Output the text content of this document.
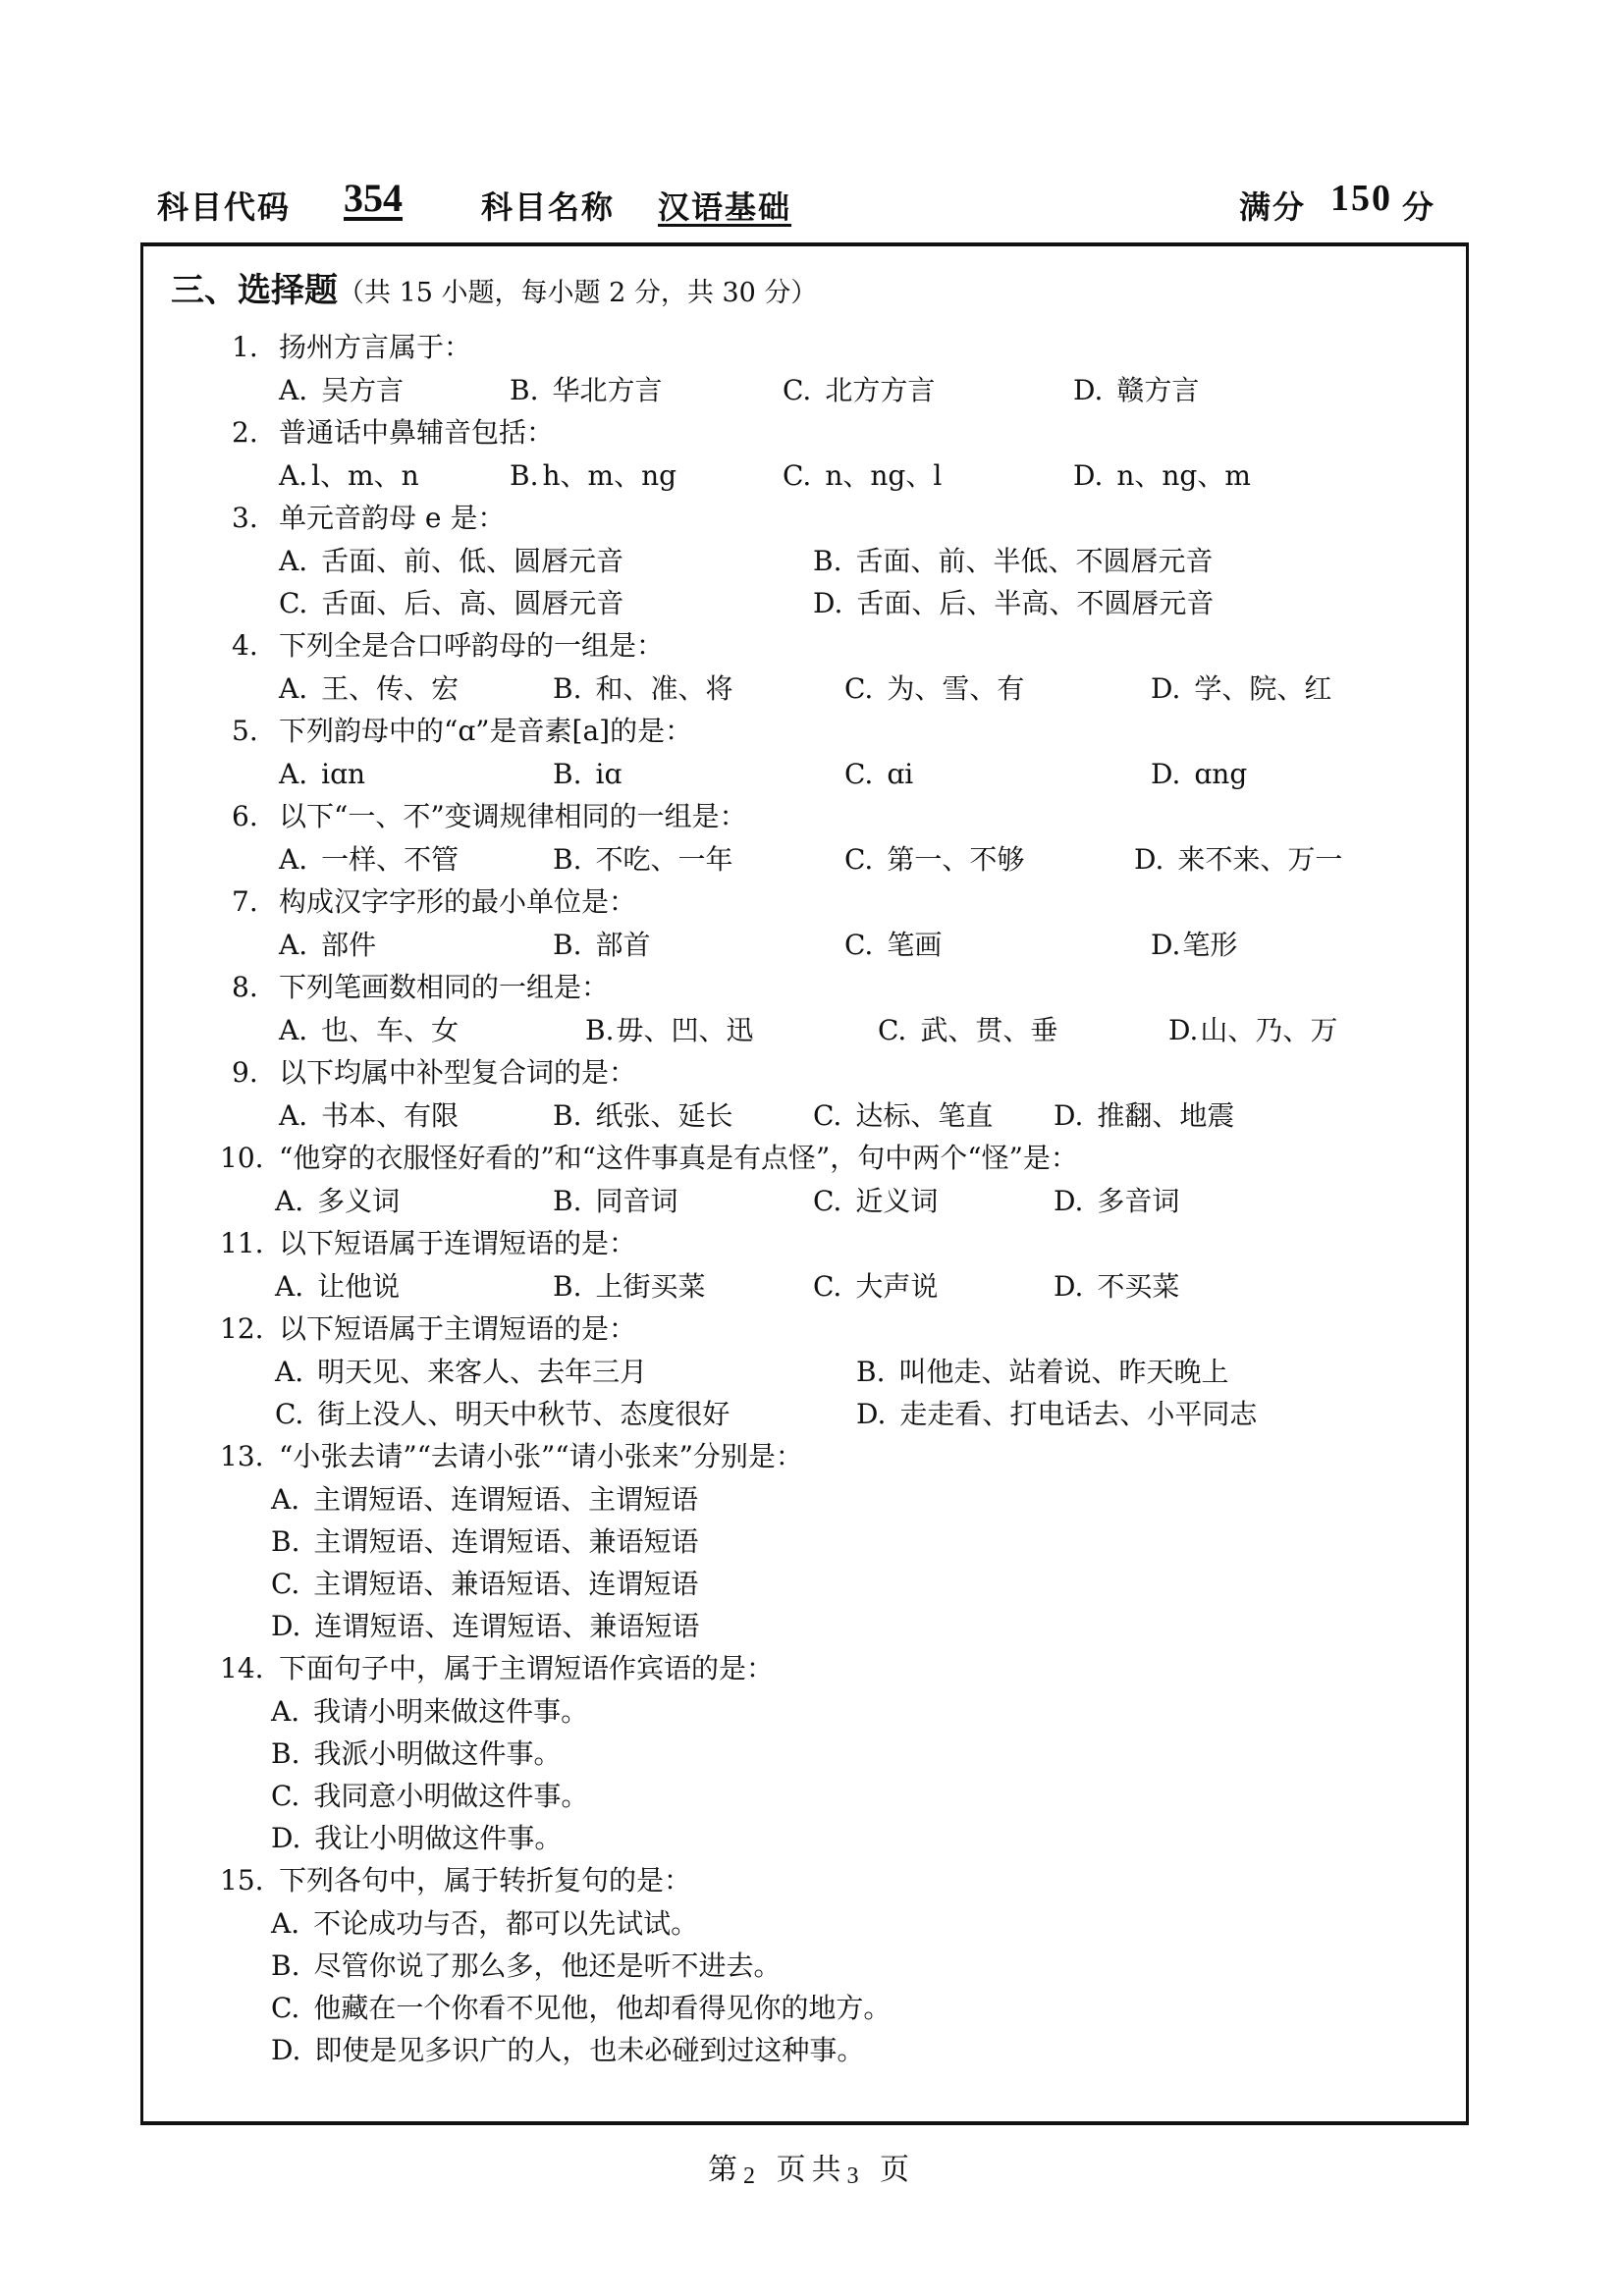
科目代码 354	科目名称 汉语基础	满分 150 分
三、选择题（共 15 小题，每小题 2 分，共 30 分）
1. 扬州方言属于：
A. 吴方言	B. 华北方言	C. 北方方言	D. 赣方言
2. 普通话中鼻辅音包括：
A. l、m、n	B. h、m、ng	C. n、ng、l	D. n、ng、m
3. 单元音韵母 e 是：
A. 舌面、前、低、圆唇元音	B. 舌面、前、半低、不圆唇元音
C. 舌面、后、高、圆唇元音	D. 舌面、后、半高、不圆唇元音
4. 下列全是合口呼韵母的一组是：
A. 王、传、宏	B. 和、准、将	C. 为、雪、有	D. 学、院、红
5. 下列韵母中的“ɑ”是音素[a]的是：
A. iɑn	B. iɑ	C. ɑi	D. ɑng
6. 以下“一、不”变调规律相同的一组是：
A. 一样、不管	B. 不吃、一年	C. 第一、不够	D. 来不来、万一
7. 构成汉字字形的最小单位是：
A. 部件	B. 部首	C. 笔画	D.笔形
8. 下列笔画数相同的一组是：
A. 也、车、女	B.毋、凹、迅	C. 武、贯、垂	D.山、乃、万
9. 以下均属中补型复合词的是：
A. 书本、有限	B. 纸张、延长	C. 达标、笔直 D. 推翻、地震
10. “他穿的衣服怪好看的”和“这件事真是有点怪”，句中两个“怪”是：
A. 多义词	B. 同音词	C. 近义词	D. 多音词
11. 以下短语属于连谓短语的是：
A. 让他说	B. 上街买菜	C. 大声说	D. 不买菜
12. 以下短语属于主谓短语的是：
A. 明天见、来客人、去年三月	B. 叫他走、站着说、昨天晚上
C. 街上没人、明天中秋节、态度很好	D. 走走看、打电话去、小平同志
13. “小张去请”“去请小张”“请小张来”分别是：
A. 主谓短语、连谓短语、主谓短语
B. 主谓短语、连谓短语、兼语短语
C. 主谓短语、兼语短语、连谓短语
D. 连谓短语、连谓短语、兼语短语
14. 下面句子中，属于主谓短语作宾语的是：
A. 我请小明来做这件事。
B. 我派小明做这件事。
C. 我同意小明做这件事。
D. 我让小明做这件事。
15. 下列各句中，属于转折复句的是：
A. 不论成功与否，都可以先试试。
B. 尽管你说了那么多，他还是听不进去。
C. 他藏在一个你看不见他，他却看得见你的地方。
D. 即使是见多识广的人，也未必碰到过这种事。
第2 页共3 页
